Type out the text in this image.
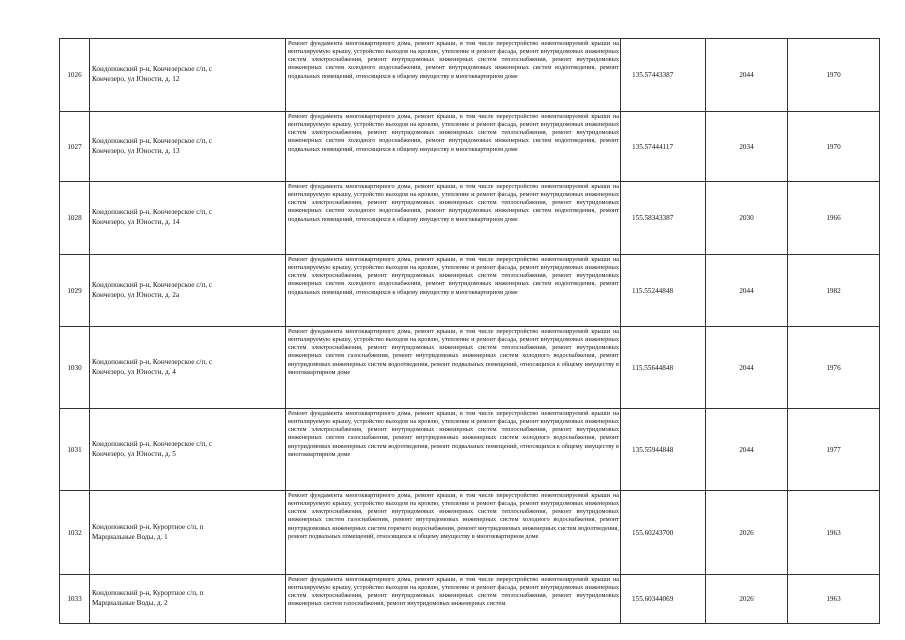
1026	Кондопожский р-н, Кончезерское с/п, с
Кончезеро, ул Юности, д. 12	Ремонт фундамента многоквартирного дома, ремонт крыши, в том числе переустройство невентилируемой крыши на вентилируемую крышу, устройство выходов на кровлю, утепление и ремонт фасада, ремонт внутридомовых инженерных систем электроснабжения, ремонт внутридомовых инженерных систем теплоснабжения, ремонт внутридомовых инженерных систем холодного водоснабжения, ремонт внутридомовых инженерных систем водоотведения, ремонт подвальных помещений, относящихся к общему имуществу в многоквартирном доме	135.57443387	2044	1970
1027	Кондопожский р-н, Кончезерское с/п, с
Кончезеро, ул Юности, д. 13	Ремонт фундамента многоквартирного дома, ремонт крыши, в том числе переустройство невентилируемой крыши на вентилируемую крышу, устройство выходов на кровлю, утепление и ремонт фасада, ремонт внутридомовых инженерных систем электроснабжения, ремонт внутридомовых инженерных систем теплоснабжения, ремонт внутридомовых инженерных систем холодного водоснабжения, ремонт внутридомовых инженерных систем водоотведения, ремонт подвальных помещений, относящихся к общему имуществу в многоквартирном доме	135.57444117	2034	1970
1028	Кондопожский р-н, Кончезерское с/п, с
Кончезеро, ул Юности, д. 14	Ремонт фундамента многоквартирного дома, ремонт крыши, в том числе переустройство невентилируемой крыши на вентилируемую крышу, устройство выходов на кровлю, утепление и ремонт фасада, ремонт внутридомовых инженерных систем электроснабжения, ремонт внутридомовых инженерных систем теплоснабжения, ремонт внутридомовых инженерных систем холодного водоснабжения, ремонт внутридомовых инженерных систем водоотведения, ремонт подвальных помещений, относящихся к общему имуществу в многоквартирном доме	155.58343387	2030	1966
1029	Кондопожский р-н, Кончезерское с/п, с
Кончезеро, ул Юности, д. 2а	Ремонт фундамента многоквартирного дома, ремонт крыши, в том числе переустройство невентилируемой крыши на вентилируемую крышу, устройство выходов на кровлю, утепление и ремонт фасада, ремонт внутридомовых инженерных систем электроснабжения, ремонт внутридомовых инженерных систем теплоснабжения, ремонт внутридомовых инженерных систем холодного водоснабжения, ремонт внутридомовых инженерных систем водоотведения, ремонт подвальных помещений, относящихся к общему имуществу в многоквартирном доме	115.55244848	2044	1982
1030	Кондопожский р-н, Кончезерское с/п, с
Кончезеро, ул Юности, д. 4	Ремонт фундамента многоквартирного дома, ремонт крыши, в том числе переустройство невентилируемой крыши на вентилируемую крышу, устройство выходов на кровлю, утепление и ремонт фасада, ремонт внутридомовых инженерных систем электроснабжения, ремонт внутридомовых инженерных систем теплоснабжения, ремонт внутридомовых инженерных систем газоснабжения, ремонт внутридомовых инженерных систем холодного водоснабжения, ремонт внутридомовых инженерных систем водоотведения, ремонт подвальных помещений, относящихся к общему имуществу в многоквартирном доме	115.55644848	2044	1976
1031	Кондопожский р-н, Кончезерское с/п, с
Кончезеро, ул Юности, д. 5	Ремонт фундамента многоквартирного дома, ремонт крыши, в том числе переустройство невентилируемой крыши на вентилируемую крышу, устройство выходов на кровлю, утепление и ремонт фасада, ремонт внутридомовых инженерных систем электроснабжения, ремонт внутридомовых инженерных систем теплоснабжения, ремонт внутридомовых инженерных систем газоснабжения, ремонт внутридомовых инженерных систем холодного водоснабжения, ремонт внутридомовых инженерных систем водоотведения, ремонт подвальных помещений, относящихся к общему имуществу в многоквартирном доме	135.55944848	2044	1977
1032	Кондопожский р-н, Курортное с/п, п
Марциальные Воды, д. 1	Ремонт фундамента многоквартирного дома, ремонт крыши, в том числе переустройство невентилируемой крыши на вентилируемую крышу, устройство выходов на кровлю, утепление и ремонт фасада, ремонт внутридомовых инженерных систем электроснабжения, ремонт внутридомовых инженерных систем теплоснабжения, ремонт внутридомовых инженерных систем газоснабжения, ремонт внутридомовых инженерных систем холодного водоснабжения, ремонт внутридомовых инженерных систем горячего водоснабжения, ремонт внутридомовых инженерных систем водоотведения, ремонт подвальных помещений, относящихся к общему имуществу в многоквартирном доме	155.60243700	2026	1963
1033	Кондопожский р-н, Курортное с/п, п
Марциальные Воды, д. 2	Ремонт фундамента многоквартирного дома, ремонт крыши, в том числе переустройство невентилируемой крыши на вентилируемую крышу, устройство выходов на кровлю, утепление и ремонт фасада, ремонт внутридомовых инженерных систем электроснабжения, ремонт внутридомовых инженерных систем теплоснабжения, ремонт внутридомовых инженерных систем газоснабжения, ремонт внутридомовых инженерных систем	155.60344069	2026	1963
